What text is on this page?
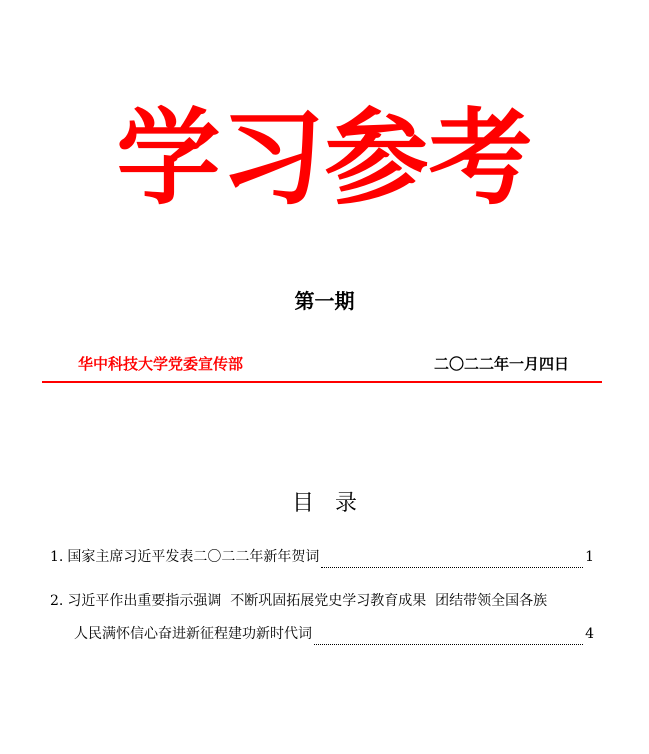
学习参考
第一期
华中科技大学党委宣传部	二〇二二年一月四日
目   录
1. 国家主席习近平发表二〇二二年新年贺词	1
2. 习近平作出重要指示强调  不断巩固拓展党史学习教育成果  团结带领全国各族
人民满怀信心奋进新征程建功新时代词	4
